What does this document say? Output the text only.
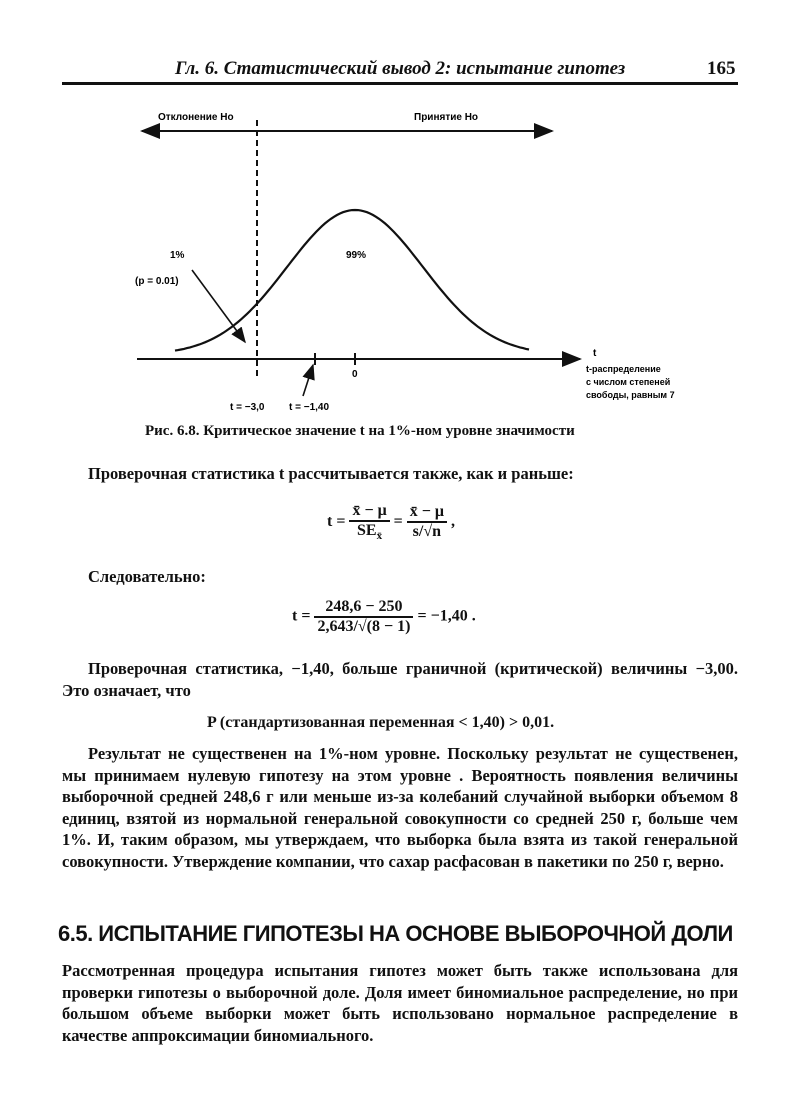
Гл. 6. Статистический вывод 2: испытание гипотез	165
Отклонение Ho	Принятие Ho
1%
(p = 0.01)
99%
0
t
t-распределение
с числом степеней
свободы, равным 7
t = −3,0 t = −1,40
Рис. 6.8. Критическое значение t на 1%-ном уровне значимости
Проверочная статистика t рассчитывается также, как и раньше:
$t = \frac{x̄ - \mu}{SE_{x̄}} = \frac{x̄ - \mu}{s/√n}$ ,
Следовательно:
$t = \frac{248,6 - 250}{2,643/√(8 - 1)} = -1,40$ .
Проверочная статистика, −1,40, больше граничной (критической) величины −3,00. Это означает, что
P (стандартизованная переменная < 1,40) > 0,01.
Результат не существенен на 1%-ном уровне. Поскольку результат не существенен, мы принимаем нулевую гипотезу на этом уровне . Вероятность появления величины выборочной средней 248,6 г или меньше из-за колебаний случайной выборки объемом 8 единиц, взятой из нормальной генеральной совокупности со средней 250 г, больше чем 1%. И, таким образом, мы утверждаем, что выборка была взята из такой генеральной совокупности. Утверждение компании, что сахар расфасован в пакетики по 250 г, верно.
6.5. ИСПЫТАНИЕ ГИПОТЕЗЫ НА ОСНОВЕ ВЫБОРОЧНОЙ ДОЛИ
Рассмотренная процедура испытания гипотез может быть также использована для проверки гипотезы о выборочной доле. Доля имеет биномиальное распределение, но при большом объеме выборки может быть использовано нормальное распределение в качестве аппроксимации биномиального.
